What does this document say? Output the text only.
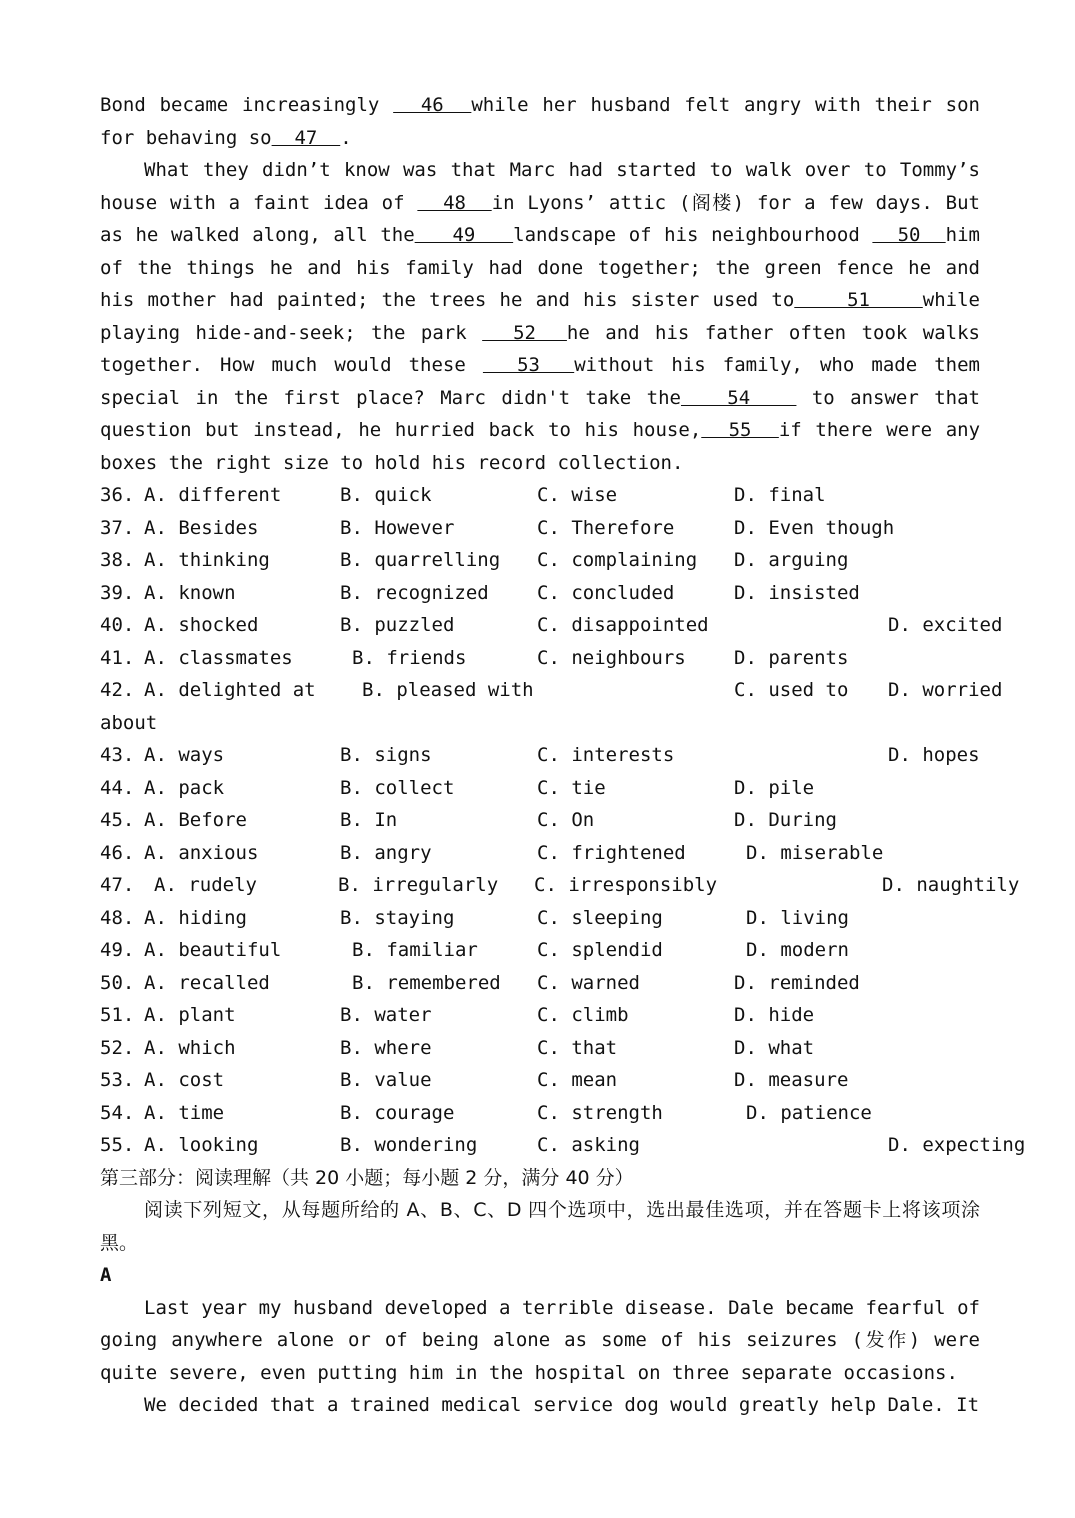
Bond became increasingly   46  while her husband felt angry with their son for behaving so  47  .

What they didn’t know was that Marc had started to walk over to Tommy’s house with a faint idea of   48  in Lyons’ attic (阁楼) for a few days. But as he walked along, all the   49   landscape of his neighbourhood   50  him of the things he and his family had done together; the green fence he and his mother had painted; the trees he and his sister used to    51    while playing hide-and-seek; the park   52  he and his father often took walks together. How much would these   53  without his family, who made them special in the first place? Marc didn't take the   54    to answer that question but instead, he hurried back to his house,  55  if there were any boxes the right size to hold his record collection.

36. A. different	B. quick	C. wise	D. final
37. A. Besides	B. However	C. Therefore	D. Even though
38. A. thinking	B. quarrelling C. complaining D. arguing
39. A. known	B. recognized	C. concluded	D. insisted
40. A. shocked	B. puzzled	C. disappointed	D. excited
41. A. classmates	B. friends	C. neighbours	D. parents
42. A. delighted at B. pleased with	C. used to D. worried
about
43. A. ways	B. signs	C. interests	D. hopes
44. A. pack	B. collect	C. tie	D. pile
45. A. Before	B. In	C. On	D. During
46. A. anxious	B. angry	C. frightened	D. miserable
47. A. rudely	B. irregularly C. irresponsibly	D. naughtily
48. A. hiding	B. staying	C. sleeping	D. living
49. A. beautiful	B. familiar	C. splendid	D. modern
50. A. recalled	B. remembered C. warned	D. reminded
51. A. plant	B. water	C. climb	D. hide
52. A. which	B. where	C. that	D. what
53. A. cost	B. value	C. mean	D. measure
54. A. time	B. courage	C. strength	D. patience
55. A. looking	B. wondering	C. asking	D. expecting

第三部分：阅读理解（共 20 小题；每小题 2 分，满分 40 分）

阅读下列短文，从每题所给的 A、B、C、D 四个选项中，选出最佳选项，并在答题卡上将该项涂黑。

A

Last year my husband developed a terrible disease. Dale became fearful of going anywhere alone or of being alone as some of his seizures (发作) were quite severe, even putting him in the hospital on three separate occasions.

We decided that a trained medical service dog would greatly help Dale. It
